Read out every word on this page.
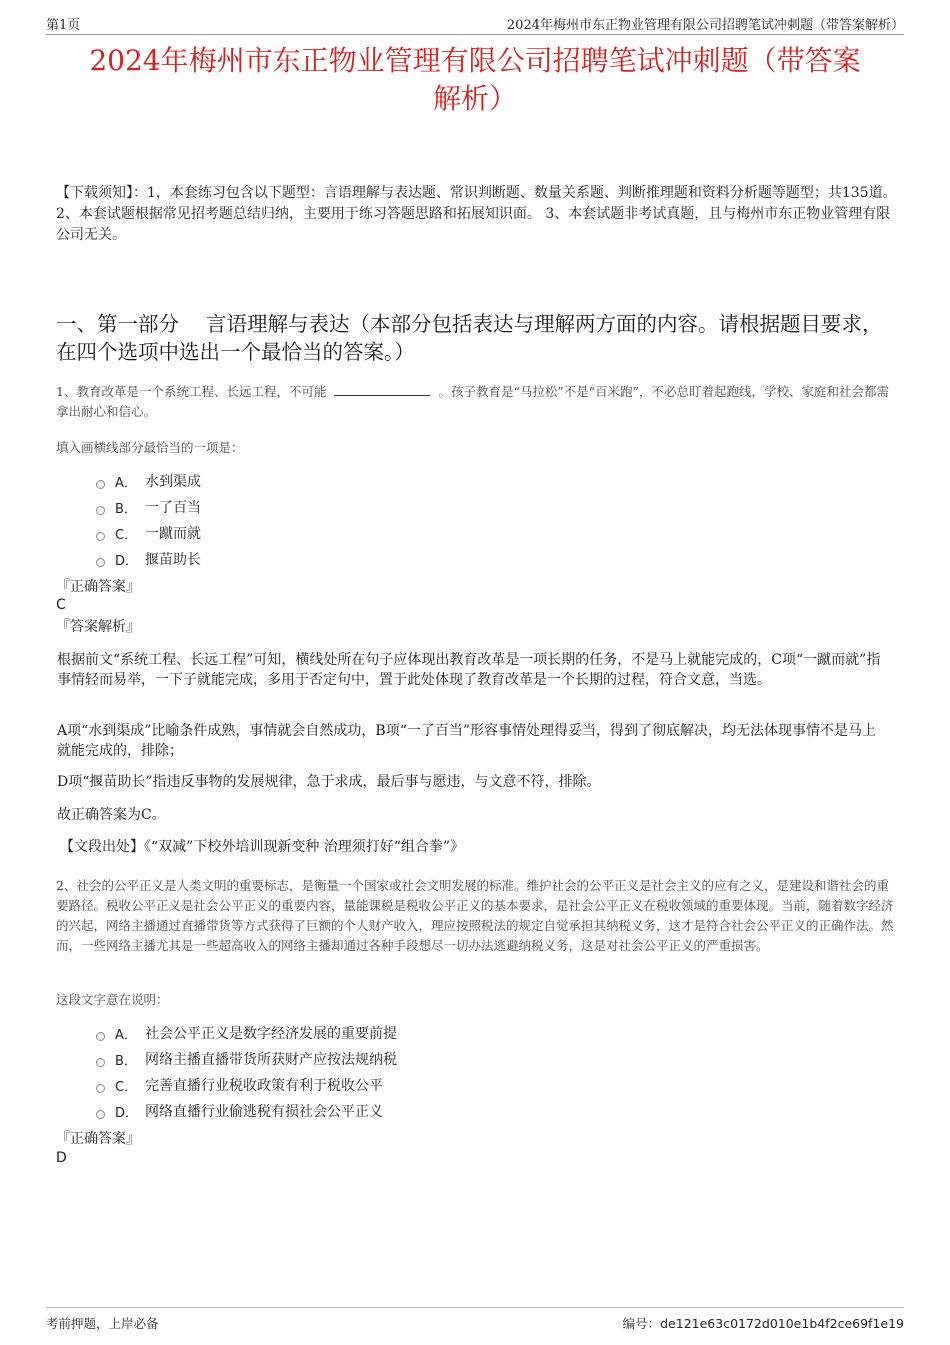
第1页	2024年梅州市东正物业管理有限公司招聘笔试冲刺题（带答案解析）
2024年梅州市东正物业管理有限公司招聘笔试冲刺题（带答案
解析）
【下载须知】：1，本套练习包含以下题型：言语理解与表达题、常识判断题、数量关系题、判断推理题和资料分析题等题型；共135道。 2、本套试题根据常见招考题总结归纳，主要用于练习答题思路和拓展知识面。 3、本套试题非考试真题，且与梅州市东正物业管理有限公司无关。
一、第一部分　 言语理解与表达（本部分包括表达与理解两方面的内容。请根据题目要求，在四个选项中选出一个最恰当的答案。）
1、教育改革是一个系统工程、长远工程，不可能	。孩子教育是“马拉松”不是“百米跑”，不必总盯着起跑线，学校、家庭和社会都需拿出耐心和信心。
填入画横线部分最恰当的一项是：
A． 水到渠成
B． 一了百当
C． 一蹴而就
D． 揠苗助长
『正确答案』
C
『答案解析』
根据前文“系统工程、长远工程”可知，横线处所在句子应体现出教育改革是一项长期的任务，不是马上就能完成的，C项“一蹴而就”指事情轻而易举，一下子就能完成，多用于否定句中，置于此处体现了教育改革是一个长期的过程，符合文意，当选。
A项“水到渠成”比喻条件成熟，事情就会自然成功，B项“一了百当”形容事情处理得妥当，得到了彻底解决，均无法体现事情不是马上就能完成的，排除；
D项“揠苗助长”指违反事物的发展规律，急于求成，最后事与愿违，与文意不符，排除。
故正确答案为C。
【文段出处】《“双减”下校外培训现新变种 治理须打好“组合拳”》
2、社会的公平正义是人类文明的重要标志，是衡量一个国家或社会文明发展的标准。维护社会的公平正义是社会主义的应有之义，是建设和谐社会的重要路径。税收公平正义是社会公平正义的重要内容，量能课税是税收公平正义的基本要求，是社会公平正义在税收领域的重要体现。当前，随着数字经济的兴起，网络主播通过直播带货等方式获得了巨额的个人财产收入，理应按照税法的规定自觉承担其纳税义务，这才是符合社会公平正义的正确作法。然而，一些网络主播尤其是一些超高收入的网络主播却通过各种手段想尽一切办法逃避纳税义务，这是对社会公平正义的严重损害。
这段文字意在说明：
A． 社会公平正义是数字经济发展的重要前提
B． 网络主播直播带货所获财产应按法规纳税
C． 完善直播行业税收政策有利于税收公平
D． 网络直播行业偷逃税有损社会公平正义
『正确答案』
D
考前押题，上岸必备	编号：de121e63c0172d010e1b4f2ce69f1e19
